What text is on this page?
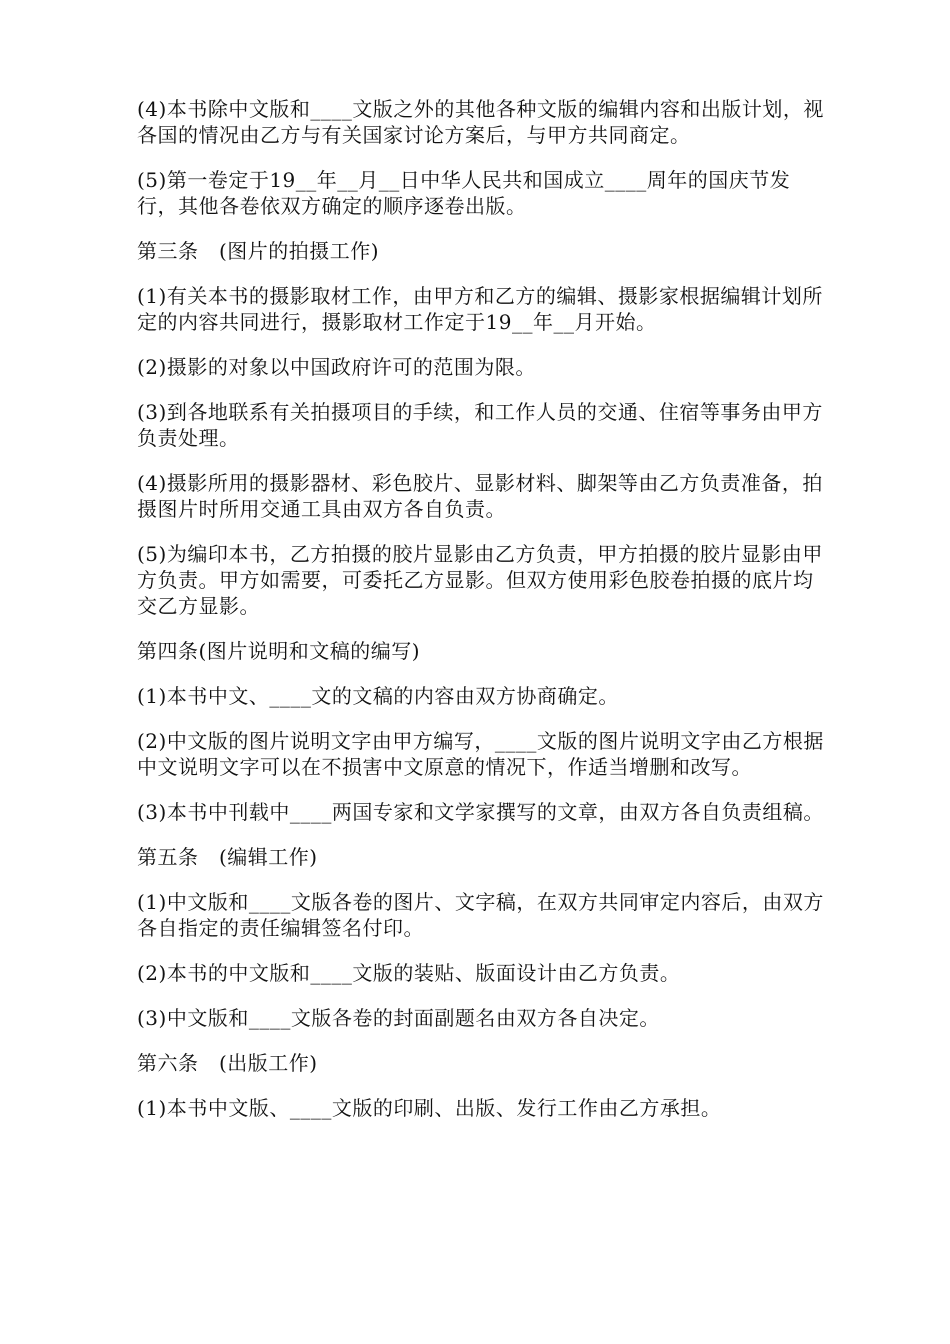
(4)本书除中文版和____文版之外的其他各种文版的编辑内容和出版计划，视各国的情况由乙方与有关国家讨论方案后，与甲方共同商定。

(5)第一卷定于19__年__月__日中华人民共和国成立____周年的国庆节发行，其他各卷依双方确定的顺序逐卷出版。

第三条　(图片的拍摄工作)

(1)有关本书的摄影取材工作，由甲方和乙方的编辑、摄影家根据编辑计划所定的内容共同进行，摄影取材工作定于19__年__月开始。

(2)摄影的对象以中国政府许可的范围为限。

(3)到各地联系有关拍摄项目的手续，和工作人员的交通、住宿等事务由甲方负责处理。

(4)摄影所用的摄影器材、彩色胶片、显影材料、脚架等由乙方负责准备，拍摄图片时所用交通工具由双方各自负责。

(5)为编印本书，乙方拍摄的胶片显影由乙方负责，甲方拍摄的胶片显影由甲方负责。甲方如需要，可委托乙方显影。但双方使用彩色胶卷拍摄的底片均交乙方显影。

第四条(图片说明和文稿的编写)

(1)本书中文、____文的文稿的内容由双方协商确定。

(2)中文版的图片说明文字由甲方编写，____文版的图片说明文字由乙方根据中文说明文字可以在不损害中文原意的情况下，作适当增删和改写。

(3)本书中刊载中____两国专家和文学家撰写的文章，由双方各自负责组稿。

第五条　(编辑工作)

(1)中文版和____文版各卷的图片、文字稿，在双方共同审定内容后，由双方各自指定的责任编辑签名付印。

(2)本书的中文版和____文版的装贴、版面设计由乙方负责。

(3)中文版和____文版各卷的封面副题名由双方各自决定。

第六条　(出版工作)

(1)本书中文版、____文版的印刷、出版、发行工作由乙方承担。
